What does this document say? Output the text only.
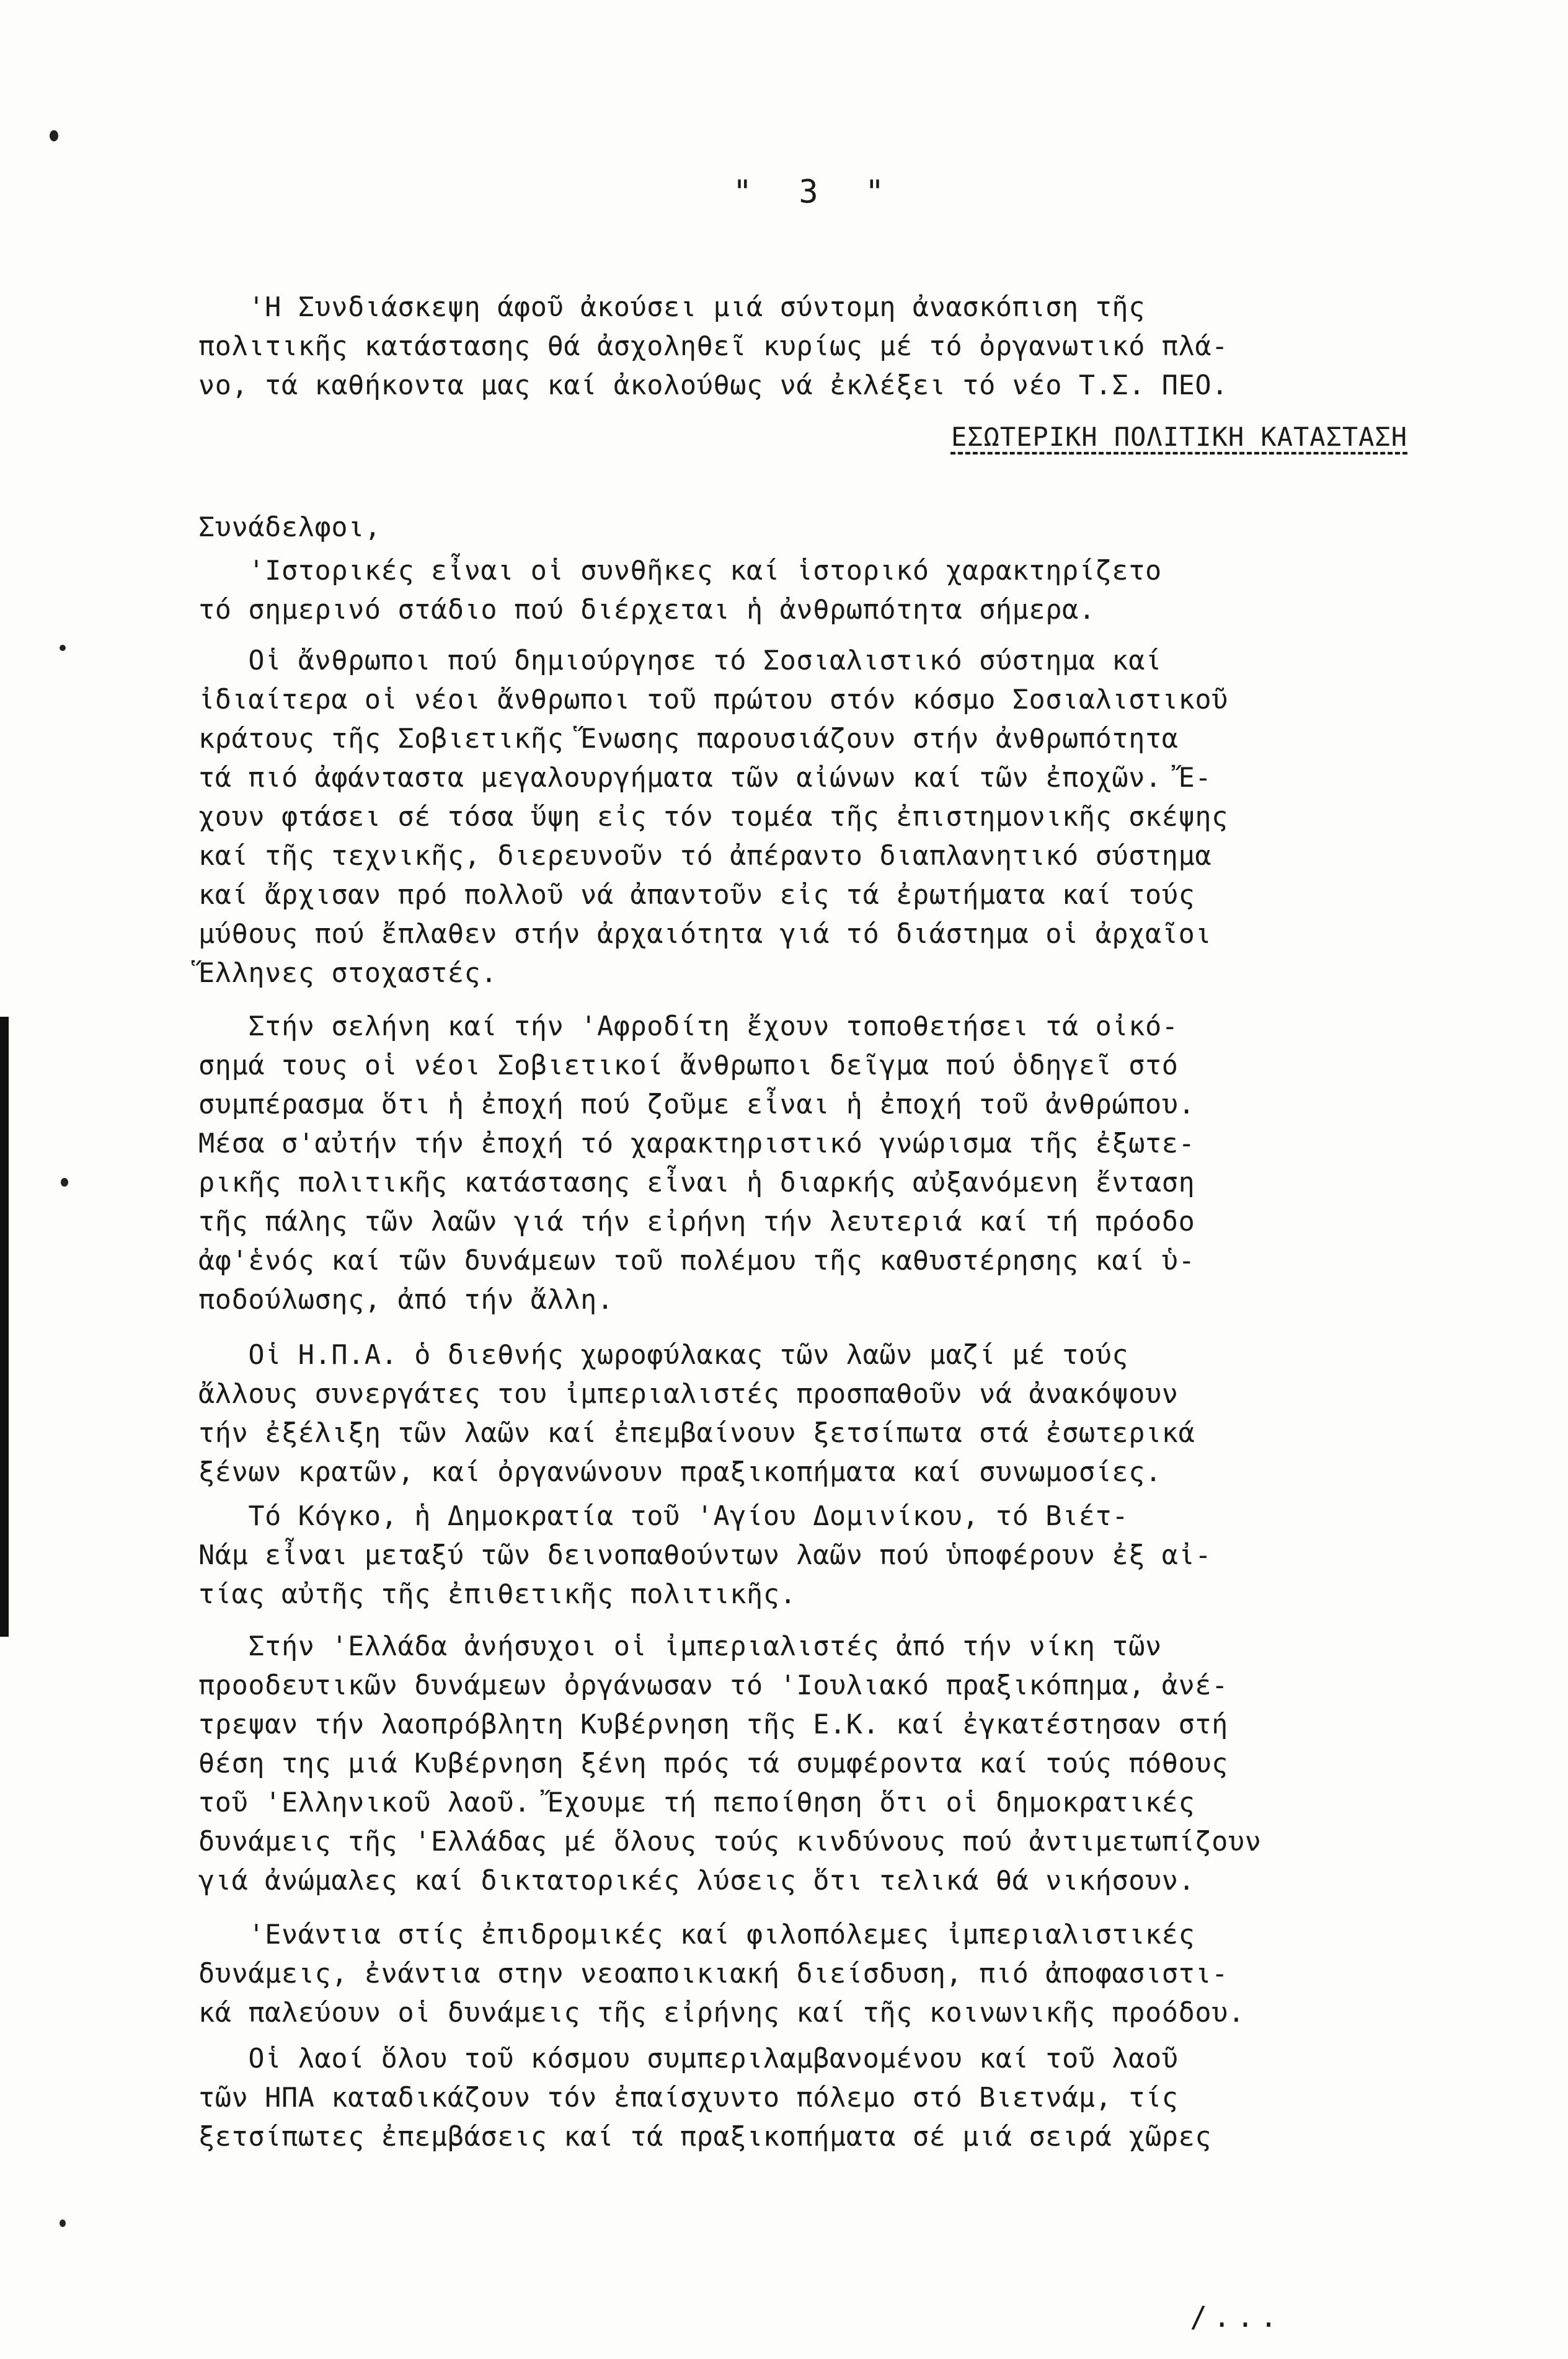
" 3 "
'Η Συνδιάσκεψη άφοῦ ἀκούσει μιά σύντομη ἀνασκόπιση τῆς
πολιτικῆς κατάστασης θά ἀσχοληθεῖ κυρίως μέ τό ὀργανωτικό πλά-
νο, τά καθήκοντα μας καί ἀκολούθως νά ἐκλέξει τό νέο Τ.Σ. ΠΕΟ.
ΕΣΩΤΕΡΙΚΗ ΠΟΛΙΤΙΚΗ ΚΑΤΑΣΤΑΣΗ
Συνάδελφοι,
'Ιστορικές εἶναι οἱ συνθῆκες καί ἱστορικό χαρακτηρίζετο
τό σημερινό στάδιο πού διέρχεται ἡ ἀνθρωπότητα σήμερα.
Οἱ ἄνθρωποι πού δημιούργησε τό Σοσιαλιστικό σύστημα καί
ἰδιαίτερα οἱ νέοι ἄνθρωποι τοῦ πρώτου στόν κόσμο Σοσιαλιστικοῦ
κράτους τῆς Σοβιετικῆς Ἕνωσης παρουσιάζουν στήν ἀνθρωπότητα
τά πιό ἀφάνταστα μεγαλουργήματα τῶν αἰώνων καί τῶν ἐποχῶν. Ἔ-
χουν φτάσει σέ τόσα ὕψη εἰς τόν τομέα τῆς ἐπιστημονικῆς σκέψης
καί τῆς τεχνικῆς, διερευνοῦν τό ἀπέραντο διαπλανητικό σύστημα
καί ἄρχισαν πρό πολλοῦ νά ἀπαντοῦν εἰς τά ἐρωτήματα καί τούς
μύθους πού ἔπλαθεν στήν ἀρχαιότητα γιά τό διάστημα οἱ ἀρχαῖοι
Ἕλληνες στοχαστές.
Στήν σελήνη καί τήν 'Αφροδίτη ἔχουν τοποθετήσει τά οἰκό-
σημά τους οἱ νέοι Σοβιετικοί ἄνθρωποι δεῖγμα πού ὁδηγεῖ στό
συμπέρασμα ὅτι ἡ ἐποχή πού ζοῦμε εἶναι ἡ ἐποχή τοῦ ἀνθρώπου.
Μέσα σ'αὐτήν τήν ἐποχή τό χαρακτηριστικό γνώρισμα τῆς ἐξωτε-
ρικῆς πολιτικῆς κατάστασης εἶναι ἡ διαρκής αὐξανόμενη ἔνταση
τῆς πάλης τῶν λαῶν γιά τήν εἰρήνη τήν λευτεριά καί τή πρόοδο
ἀφ'ἑνός καί τῶν δυνάμεων τοῦ πολέμου τῆς καθυστέρησης καί ὑ-
ποδούλωσης, ἀπό τήν ἄλλη.
Οἱ Η.Π.Α. ὁ διεθνής χωροφύλακας τῶν λαῶν μαζί μέ τούς
ἄλλους συνεργάτες του ἰμπεριαλιστές προσπαθοῦν νά ἀνακόψουν
τήν ἐξέλιξη τῶν λαῶν καί ἐπεμβαίνουν ξετσίπωτα στά ἐσωτερικά
ξένων κρατῶν, καί ὀργανώνουν πραξικοπήματα καί συνωμοσίες.
Τό Κόγκο, ἡ Δημοκρατία τοῦ 'Αγίου Δομινίκου, τό Βιέτ-
Νάμ εἶναι μεταξύ τῶν δεινοπαθούντων λαῶν πού ὑποφέρουν ἐξ αἰ-
τίας αὐτῆς τῆς ἐπιθετικῆς πολιτικῆς.
Στήν 'Ελλάδα ἀνήσυχοι οἱ ἰμπεριαλιστές ἀπό τήν νίκη τῶν
προοδευτικῶν δυνάμεων ὀργάνωσαν τό 'Ιουλιακό πραξικόπημα, ἀνέ-
τρεψαν τήν λαοπρόβλητη Κυβέρνηση τῆς Ε.Κ. καί ἐγκατέστησαν στή
θέση της μιά Κυβέρνηση ξένη πρός τά συμφέροντα καί τούς πόθους
τοῦ 'Ελληνικοῦ λαοῦ. Ἔχουμε τή πεποίθηση ὅτι οἱ δημοκρατικές
δυνάμεις τῆς 'Ελλάδας μέ ὅλους τούς κινδύνους πού ἀντιμετωπίζουν
γιά ἀνώμαλες καί δικτατορικές λύσεις ὅτι τελικά θά νικήσουν.
'Ενάντια στίς ἐπιδρομικές καί φιλοπόλεμες ἰμπεριαλιστικές
δυνάμεις, ἐνάντια στην νεοαποικιακή διείσδυση, πιό ἀποφασιστι-
κά παλεύουν οἱ δυνάμεις τῆς εἰρήνης καί τῆς κοινωνικῆς προόδου.
Οἱ λαοί ὅλου τοῦ κόσμου συμπεριλαμβανομένου καί τοῦ λαοῦ
τῶν ΗΠΑ καταδικάζουν τόν ἐπαίσχυντο πόλεμο στό Βιετνάμ, τίς
ξετσίπωτες ἐπεμβάσεις καί τά πραξικοπήματα σέ μιά σειρά χῶρες
/...
